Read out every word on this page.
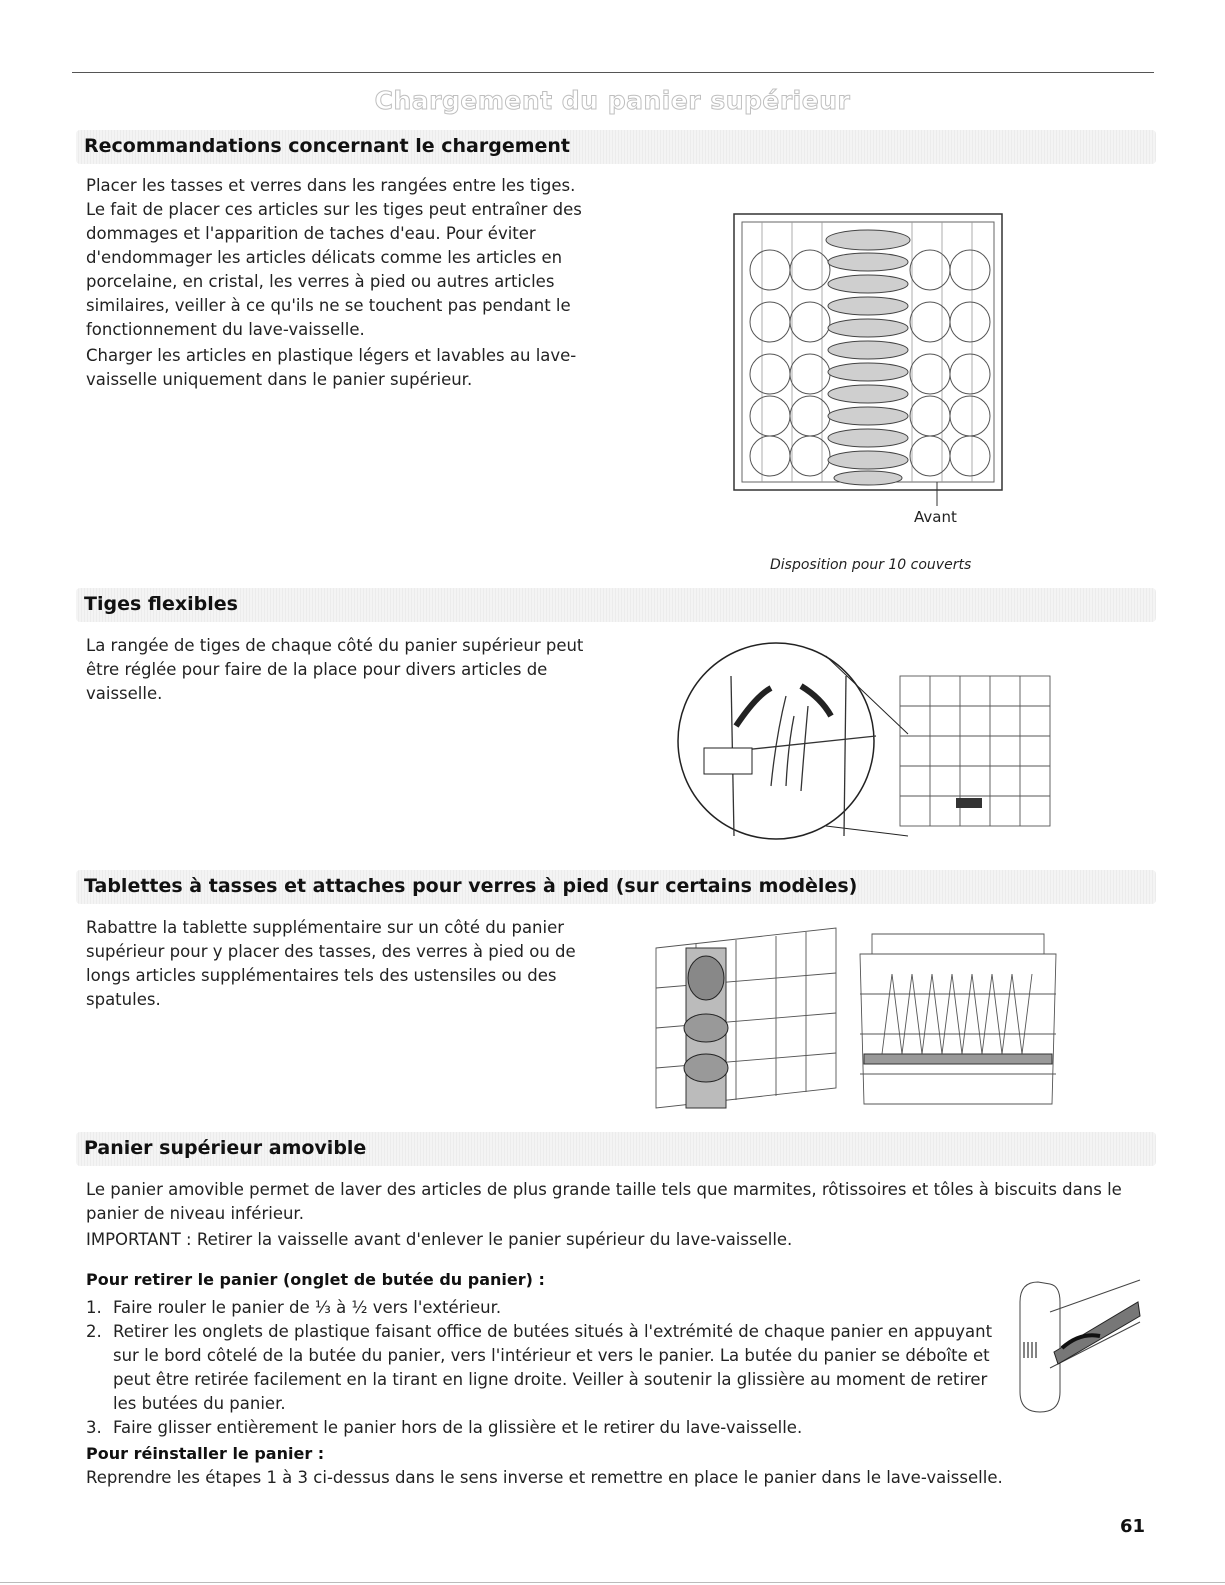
Chargement du panier supérieur
Recommandations concernant le chargement

Placer les tasses et verres dans les rangées entre les tiges. Le fait de placer ces articles sur les tiges peut entraîner des dommages et l'apparition de taches d'eau. Pour éviter d'endommager les articles délicats comme les articles en porcelaine, en cristal, les verres à pied ou autres articles similaires, veiller à ce qu'ils ne se touchent pas pendant le fonctionnement du lave-vaisselle.

Charger les articles en plastique légers et lavables au lave-vaisselle uniquement dans le panier supérieur.

Avant
Disposition pour 10 couverts
Tiges flexibles

La rangée de tiges de chaque côté du panier supérieur peut être réglée pour faire de la place pour divers articles de vaisselle.

Tablettes à tasses et attaches pour verres à pied (sur certains modèles)

Rabattre la tablette supplémentaire sur un côté du panier supérieur pour y placer des tasses, des verres à pied ou de longs articles supplémentaires tels des ustensiles ou des spatules.

Panier supérieur amovible

Le panier amovible permet de laver des articles de plus grande taille tels que marmites, rôtissoires et tôles à biscuits dans le panier de niveau inférieur.

IMPORTANT : Retirer la vaisselle avant d'enlever le panier supérieur du lave-vaisselle.

Pour retirer le panier (onglet de butée du panier) :
1. Faire rouler le panier de ⅓ à ½ vers l'extérieur.
2. Retirer les onglets de plastique faisant office de butées situés à l'extrémité de chaque panier en appuyant sur le bord côtelé de la butée du panier, vers l'intérieur et vers le panier. La butée du panier se déboîte et peut être retirée facilement en la tirant en ligne droite. Veiller à soutenir la glissière au moment de retirer les butées du panier.
3. Faire glisser entièrement le panier hors de la glissière et le retirer du lave-vaisselle.
Pour réinstaller le panier :

Reprendre les étapes 1 à 3 ci-dessus dans le sens inverse et remettre en place le panier dans le lave-vaisselle.

61
